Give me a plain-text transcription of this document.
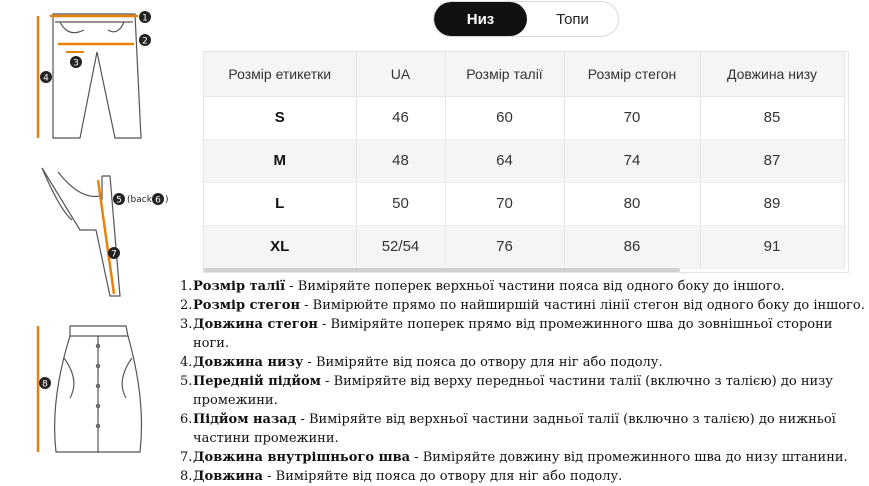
1
2
3
4
5 (back 6 )
7
8
Низ	Топи
Розмір етикетки	UA	Розмір талії	Розмір стегон	Довжина низу
S	46	60	70	85
M	48	64	74	87
L	50	70	80	89
XL	52/54	76	86	91
1. Розмір талії - Виміряйте поперек верхньої частини пояса від одного боку до іншого.
2. Розмір стегон - Вимірюйте прямо по найширшій частині лінії стегон від одного боку до іншого.
3. Довжина стегон - Виміряйте поперек прямо від промежинного шва до зовнішньої сторони ноги.
4. Довжина низу - Виміряйте від пояса до отвору для ніг або подолу.
5. Передній підйом - Виміряйте від верху передньої частини талії (включно з талією) до низу промежини.
6. Підйом назад - Виміряйте від верхньої частини задньої талії (включно з талією) до нижньої частини промежини.
7. Довжина внутрішнього шва - Виміряйте довжину від промежинного шва до низу штанини.
8. Довжина - Виміряйте від пояса до отвору для ніг або подолу.
